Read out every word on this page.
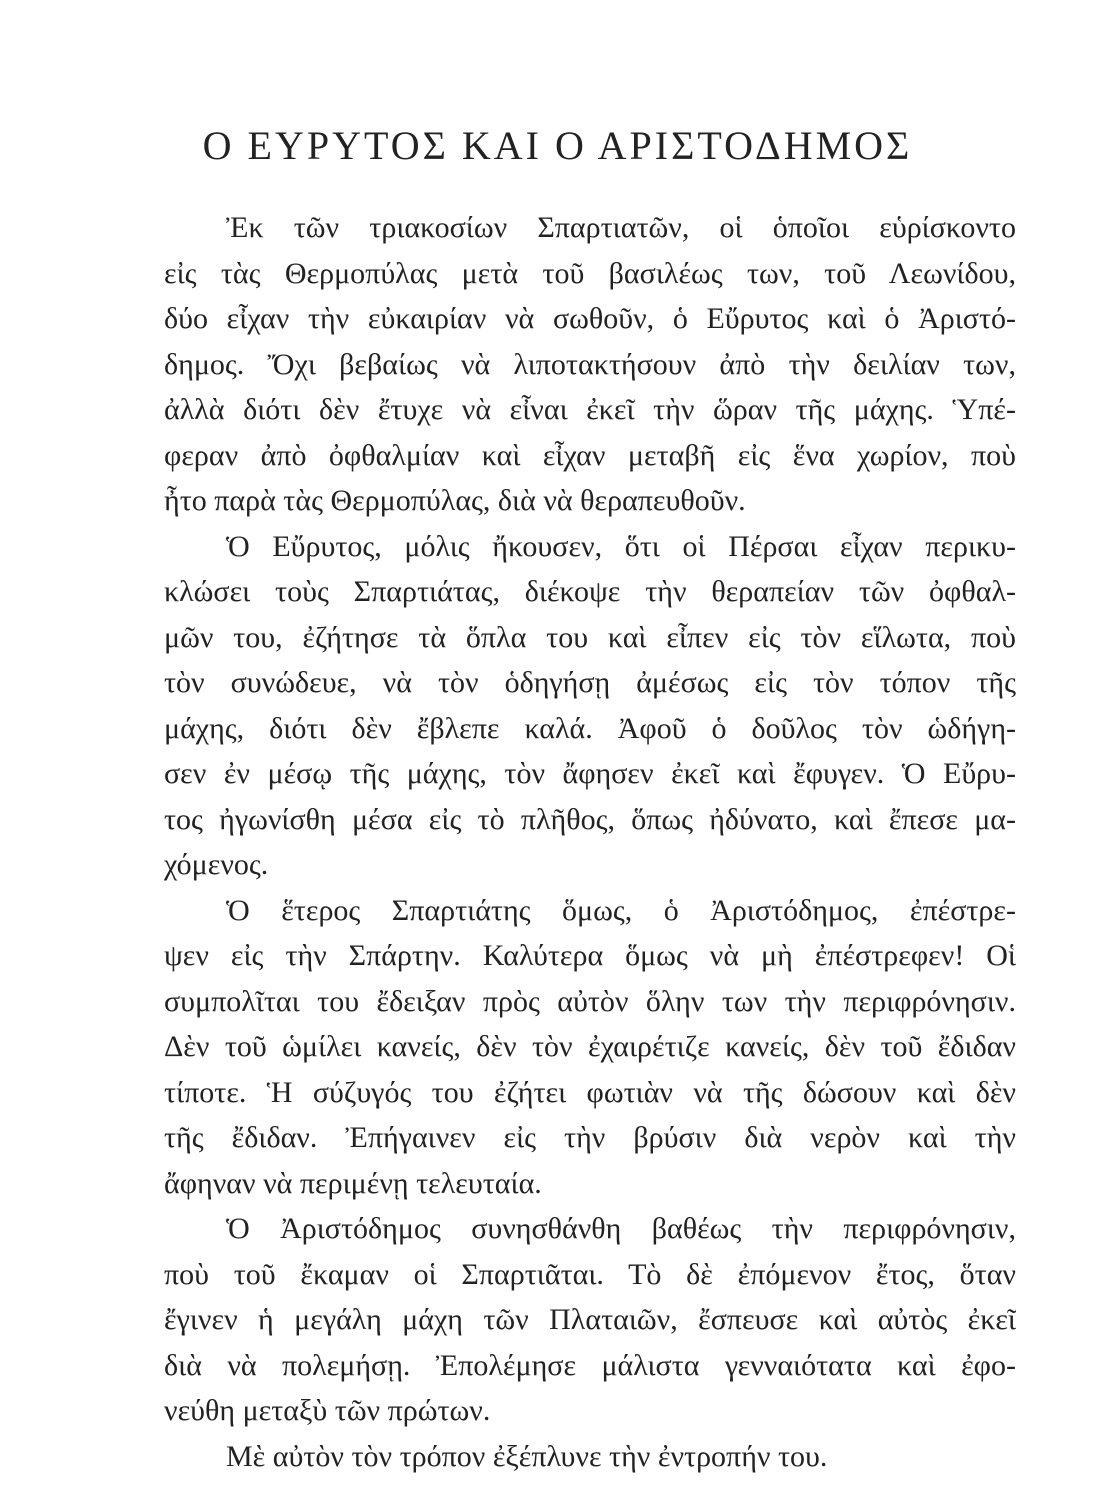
Ο ΕΥΡΥΤΟΣ ΚΑΙ Ο ΑΡΙΣΤΟΔΗΜΟΣ
Ἐκ τῶν τριακοσίων Σπαρτιατῶν, οἱ ὁποῖοι εὑρίσκοντο
εἰς τὰς Θερμοπύλας μετὰ τοῦ βασιλέως των, τοῦ Λεωνίδου,
δύο εἶχαν τὴν εὐκαιρίαν νὰ σωθοῦν, ὁ Εὔρυτος καὶ ὁ Ἀριστό-
δημος. Ὄχι βεβαίως νὰ λιποτακτήσουν ἀπὸ τὴν δειλίαν των,
ἀλλὰ διότι δὲν ἔτυχε νὰ εἶναι ἐκεῖ τὴν ὥραν τῆς μάχης. Ὑπέ-
φεραν ἀπὸ ὀφθαλμίαν καὶ εἶχαν μεταβῆ εἰς ἕνα χωρίον, ποὺ
ἦτο παρὰ τὰς Θερμοπύλας, διὰ νὰ θεραπευθοῦν.
Ὁ Εὔρυτος, μόλις ἤκουσεν, ὅτι οἱ Πέρσαι εἶχαν περικυ-
κλώσει τοὺς Σπαρτιάτας, διέκοψε τὴν θεραπείαν τῶν ὀφθαλ-
μῶν του, ἐζήτησε τὰ ὅπλα του καὶ εἶπεν εἰς τὸν εἵλωτα, ποὺ
τὸν συνώδευε, νὰ τὸν ὁδηγήσῃ ἀμέσως εἰς τὸν τόπον τῆς
μάχης, διότι δὲν ἔβλεπε καλά. Ἀφοῦ ὁ δοῦλος τὸν ὡδήγη-
σεν ἐν μέσῳ τῆς μάχης, τὸν ἄφησεν ἐκεῖ καὶ ἔφυγεν. Ὁ Εὔρυ-
τος ἠγωνίσθη μέσα εἰς τὸ πλῆθος, ὅπως ἠδύνατο, καὶ ἔπεσε μα-
χόμενος.
Ὁ ἕτερος Σπαρτιάτης ὅμως, ὁ Ἀριστόδημος, ἐπέστρε-
ψεν εἰς τὴν Σπάρτην. Καλύτερα ὅμως νὰ μὴ ἐπέστρεφεν! Οἱ
συμπολῖται του ἔδειξαν πρὸς αὐτὸν ὅλην των τὴν περιφρόνησιν.
Δὲν τοῦ ὡμίλει κανείς, δὲν τὸν ἐχαιρέτιζε κανείς, δὲν τοῦ ἔδιδαν
τίποτε. Ἡ σύζυγός του ἐζήτει φωτιὰν νὰ τῆς δώσουν καὶ δὲν
τῆς ἔδιδαν. Ἐπήγαινεν εἰς τὴν βρύσιν διὰ νερὸν καὶ τὴν
ἄφηναν νὰ περιμένῃ τελευταία.
Ὁ Ἀριστόδημος συνησθάνθη βαθέως τὴν περιφρόνησιν,
ποὺ τοῦ ἔκαμαν οἱ Σπαρτιᾶται. Τὸ δὲ ἐπόμενον ἔτος, ὅταν
ἔγινεν ἡ μεγάλη μάχη τῶν Πλαταιῶν, ἔσπευσε καὶ αὐτὸς ἐκεῖ
διὰ νὰ πολεμήσῃ. Ἐπολέμησε μάλιστα γενναιότατα καὶ ἐφο-
νεύθη μεταξὺ τῶν πρώτων.
Μὲ αὐτὸν τὸν τρόπον ἐξέπλυνε τὴν ἐντροπήν του.
